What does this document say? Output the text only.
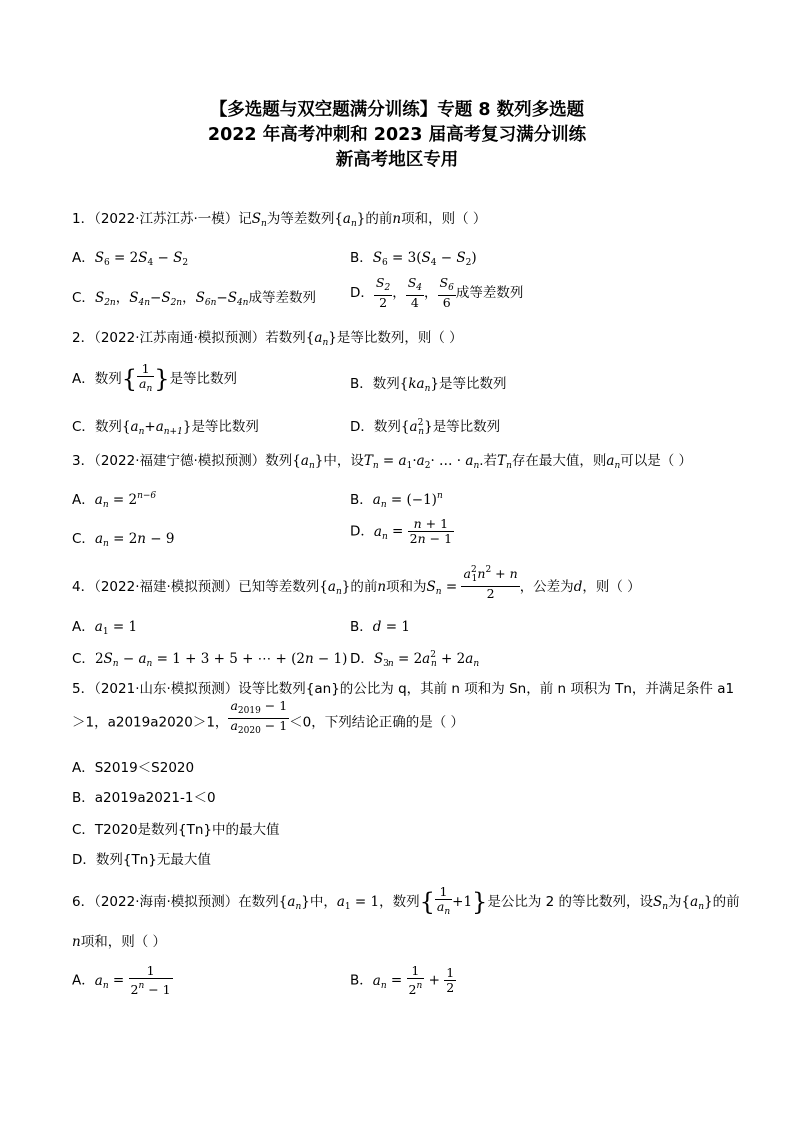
【多选题与双空题满分训练】专题 8 数列多选题
2022 年高考冲刺和 2023 届高考复习满分训练
新高考地区专用
1．（2022·江苏江苏·一模）记$S_n$为等差数列$\{a_n\}$的前n项和，则（ ）
A．$S_6 = 2S_4 - S_2$	B．$S_6 = 3(S_4 - S_2)$
C．$S_{2n}$，$S_{4n}-S_{2n}$，$S_{6n}-S_{4n}$成等差数列	D． $\frac{S_2}{2}$ ， $\frac{S_4}{4}$ ， $\frac{S_6}{6}$ 成等差数列
2．（2022·江苏南通·模拟预测）若数列$\{a_n\}$是等比数列，则（ ）
A．数列{ $\frac{1}{a_n}$ }是等比数列	B．数列$\{ka_n\}$是等比数列
C．数列$\{a_n+a_{n+1}\}$是等比数列	D．数列$\{a^2_n\}$是等比数列
3．（2022·福建宁德·模拟预测）数列$\{a_n\}$中，设$T_n = a_1\cdot a_2\cdot$ … · $a_n$.若$T_n$存在最大值，则$a_n$可以是（ ）
A．$a_n = 2^{n-6}$	B．$a_n = (-1)^n$
C．$a_n = 2n - 9$	D．$a_n = \frac{n + 1}{2n - 1}$
4．（2022·福建·模拟预测）已知等差数列$\{a_n\}$的前n项和为$S_n = \frac{a^2_1n^2 + n}{2}$ ，公差为d，则（ ）
A．$a_1 = 1$	B．d = 1
C．$2S_n - a_n = 1 + 3 + 5$ + ⋯ + (2n − 1) D．$S_{3n} = 2a^2_n + 2a_n$
5．（2021·山东·模拟预测）设等比数列{an}的公比为 q，其前 n 项和为 Sn，前 n 项积为 Tn，并满足条件 a1
＞1，a2019a2020＞1， $\frac{a_{2019} - 1}{a_{2020} - 1} <0$，下列结论正确的是（ ）
A．S2019＜S2020
B．a2019a2021-1＜0
C．T2020是数列{Tn}中的最大值
D．数列{Tn}无最大值
6．（2022·海南·模拟预测）在数列$\{a_n\}$中，$a_1 = 1$，数列{ $\frac{1}{a_n} +1$}是公比为 2 的等比数列，设$S_n$为$\{a_n\}$的前
n项和，则（ ）
A．$a_n = \frac{1}{2^n - 1}$	B．$a_n = \frac{1}{2^n} + \frac{1}{2}$
